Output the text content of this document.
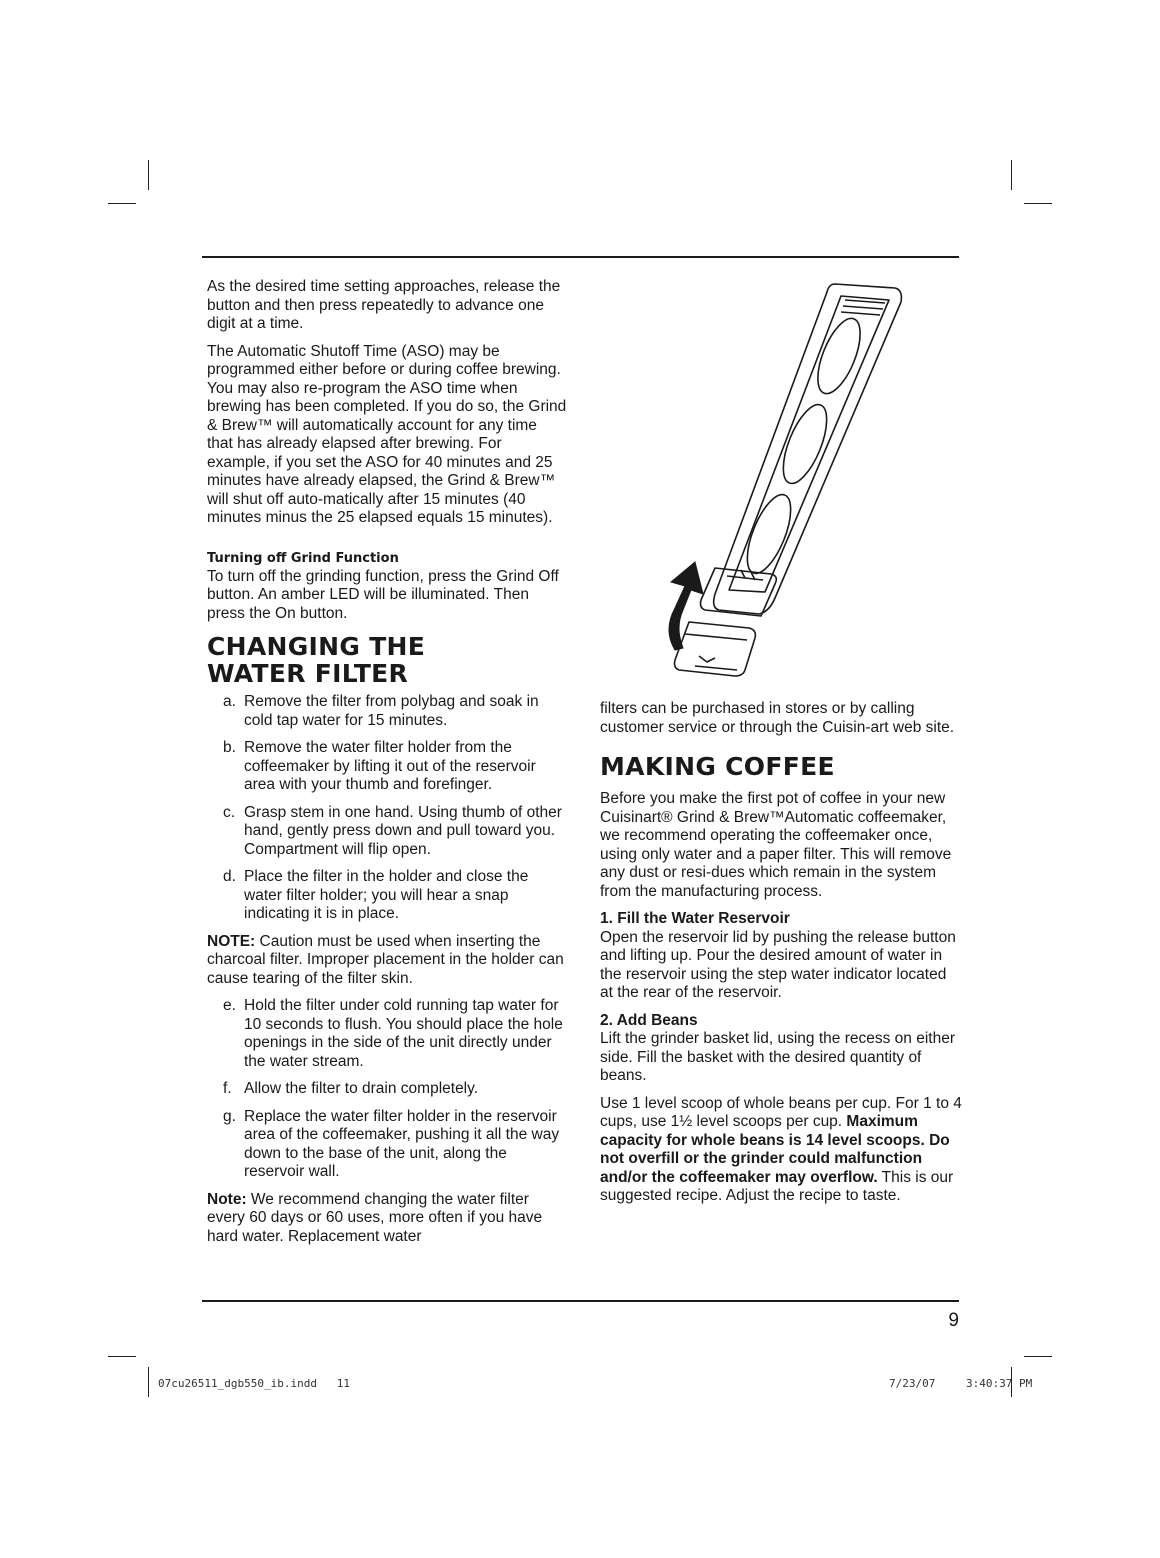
As the desired time setting approaches, release the button and then press repeatedly to advance one digit at a time.

The Automatic Shutoff Time (ASO) may be programmed either before or during coffee brewing. You may also re-program the ASO time when brewing has been completed. If you do so, the Grind & Brew™ will automatically account for any time that has already elapsed after brewing. For example, if you set the ASO for 40 minutes and 25 minutes have already elapsed, the Grind & Brew™ will shut off auto-matically after 15 minutes (40 minutes minus the 25 elapsed equals 15 minutes).

Turning off Grind Function

To turn off the grinding function, press the Grind Off button. An amber LED will be illuminated. Then press the On button.

CHANGING THE
WATER FILTER
a. Remove the filter from polybag and soak in cold tap water for 15 minutes.
b. Remove the water filter holder from the coffeemaker by lifting it out of the reservoir area with your thumb and forefinger.
c. Grasp stem in one hand. Using thumb of other hand, gently press down and pull toward you. Compartment will flip open.
d. Place the filter in the holder and close the water filter holder; you will hear a snap indicating it is in place.

NOTE: Caution must be used when inserting the charcoal filter. Improper placement in the holder can cause tearing of the filter skin.

e. Hold the filter under cold running tap water for 10 seconds to flush. You should place the hole openings in the side of the unit directly under the water stream.
f. Allow the filter to drain completely.
g. Replace the water filter holder in the reservoir area of the coffeemaker, pushing it all the way down to the base of the unit, along the reservoir wall.

Note: We recommend changing the water filter every 60 days or 60 uses, more often if you have hard water. Replacement water

filters can be purchased in stores or by calling customer service or through the Cuisin-art web site.

MAKING COFFEE

Before you make the first pot of coffee in your new Cuisinart® Grind & Brew™Automatic coffeemaker, we recommend operating the coffeemaker once, using only water and a paper filter. This will remove any dust or resi-dues which remain in the system from the manufacturing process.

1. Fill the Water Reservoir

Open the reservoir lid by pushing the release button and lifting up. Pour the desired amount of water in the reservoir using the step water indicator located at the rear of the reservoir.

2. Add Beans

Lift the grinder basket lid, using the recess on either side. Fill the basket with the desired quantity of beans.

Use 1 level scoop of whole beans per cup. For 1 to 4 cups, use 1½ level scoops per cup. Maximum capacity for whole beans is 14 level scoops. Do not overfill or the grinder could malfunction and/or the coffeemaker may overflow. This is our suggested recipe. Adjust the recipe to taste.

9
07cu26511_dgb550_ib.indd   11	7/23/07	3:40:37 PM
